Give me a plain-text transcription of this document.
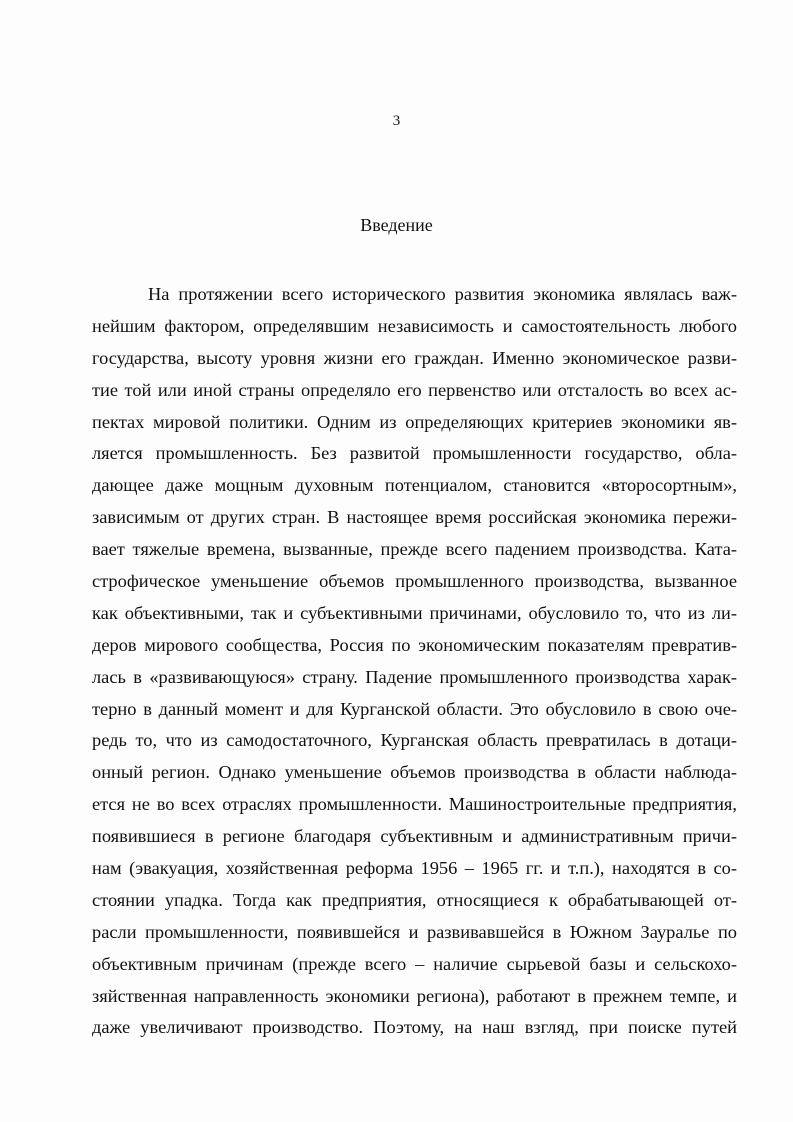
3
Введение
На протяжении всего исторического развития экономика являлась важ-
нейшим фактором, определявшим независимость и самостоятельность любого
государства, высоту уровня жизни его граждан. Именно экономическое разви-
тие той или иной страны определяло его первенство или отсталость во всех ас-
пектах мировой политики. Одним из определяющих критериев экономики яв-
ляется промышленность. Без развитой промышленности государство, обла-
дающее даже мощным духовным потенциалом, становится «второсортным»,
зависимым от других стран. В настоящее время российская экономика пережи-
вает тяжелые времена, вызванные, прежде всего падением производства. Ката-
строфическое уменьшение объемов промышленного производства, вызванное
как объективными, так и субъективными причинами, обусловило то, что из ли-
деров мирового сообщества, Россия по экономическим показателям превратив-
лась в «развивающуюся» страну. Падение промышленного производства харак-
терно в данный момент и для Курганской области. Это обусловило в свою оче-
редь то, что из самодостаточного, Курганская область превратилась в дотаци-
онный регион. Однако уменьшение объемов производства в области наблюда-
ется не во всех отраслях промышленности. Машиностроительные предприятия,
появившиеся в регионе благодаря субъективным и административным причи-
нам (эвакуация, хозяйственная реформа 1956 – 1965 гг. и т.п.), находятся в со-
стоянии упадка. Тогда как предприятия, относящиеся к обрабатывающей от-
расли промышленности, появившейся и развивавшейся в Южном Зауралье по
объективным причинам (прежде всего – наличие сырьевой базы и сельскохо-
зяйственная направленность экономики региона), работают в прежнем темпе, и
даже увеличивают производство. Поэтому, на наш взгляд, при поиске путей
